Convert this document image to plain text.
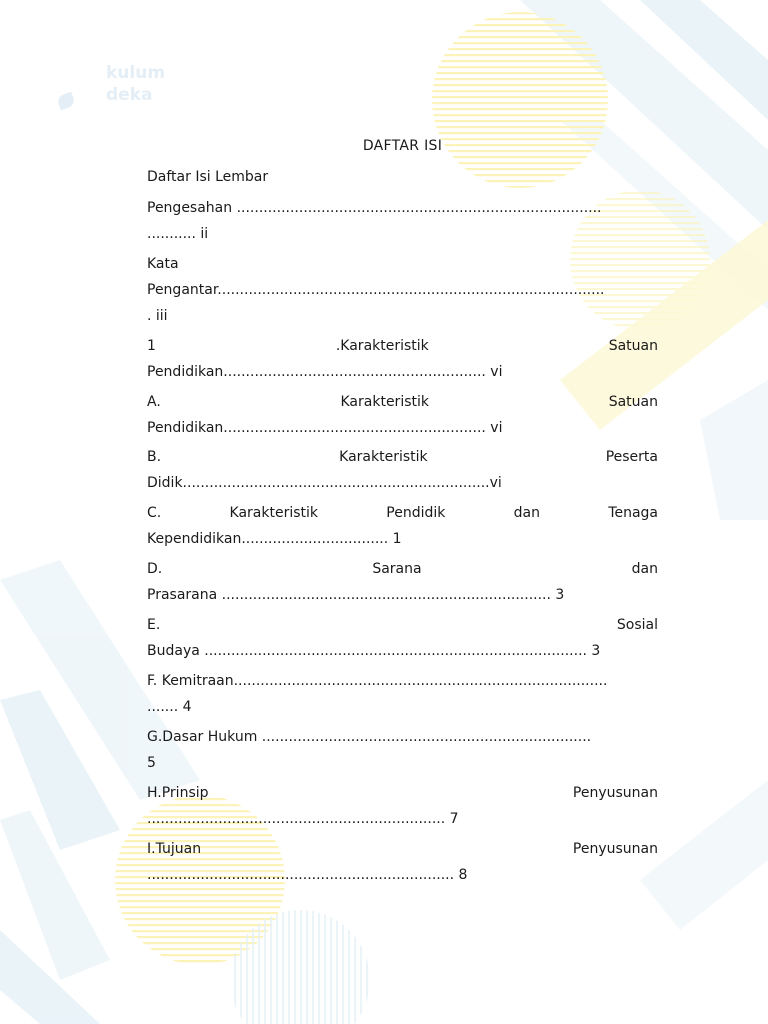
kulum
deka
DAFTAR ISI
Daftar Isi Lembar
Pengesahan ..................................................................................
........... ii
Kata
Pengantar.......................................................................................
. iii
1	.Karakteristik	Satuan
Pendidikan........................................................... vi
A.	Karakteristik	Satuan
Pendidikan........................................................... vi
B.	Karakteristik	Peserta
Didik.....................................................................vi
C.	Karakteristik	Pendidik	dan	Tenaga
Kependidikan................................. 1
D.	Sarana	dan
Prasarana .......................................................................... 3
E.	Sosial
Budaya ...................................................................................... 3
F. Kemitraan....................................................................................
....... 4
G.Dasar Hukum ..........................................................................
5
H.Prinsip	Penyusunan
................................................................... 7
I.Tujuan	Penyusunan
..................................................................... 8
